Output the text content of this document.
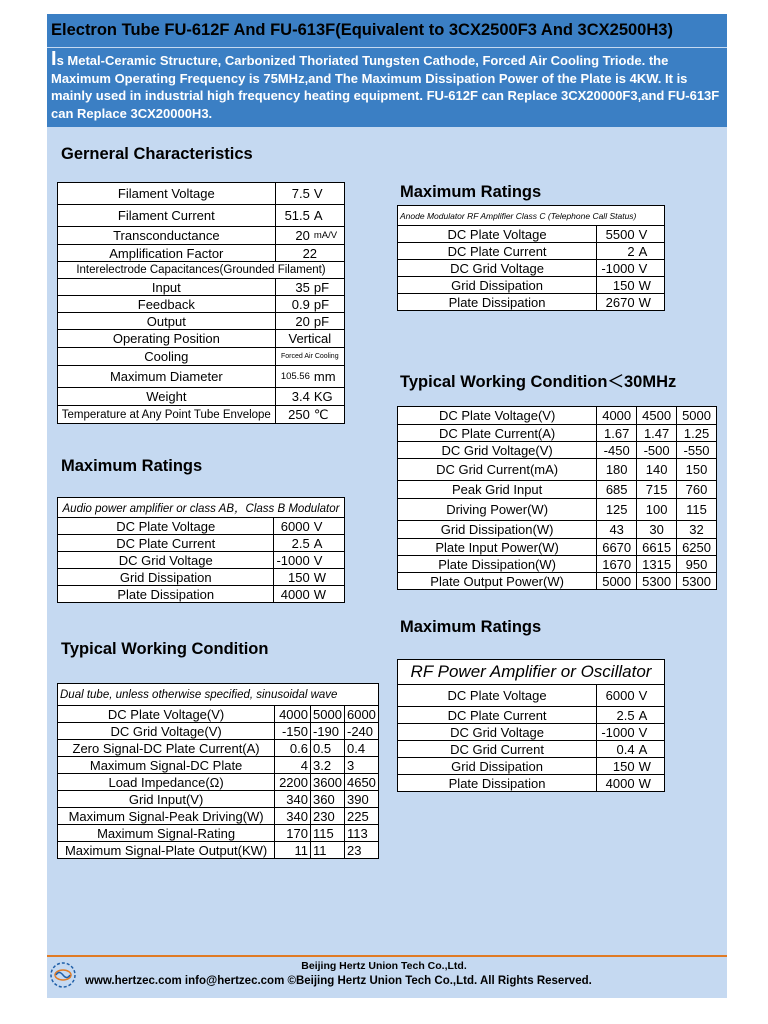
Electron Tube FU-612F And FU-613F(Equivalent to 3CX2500F3 And 3CX2500H3)
Is Metal-Ceramic Structure, Carbonized Thoriated Tungsten Cathode, Forced Air Cooling Triode. the Maximum Operating Frequency is 75MHz,and The Maximum Dissipation Power of the Plate is 4KW. It is mainly used in industrial high frequency heating equipment. FU-612F can Replace 3CX20000F3,and FU-613F can Replace 3CX20000H3.
Gerneral Characteristics
Filament Voltage	7.5	V
Filament Current	51.5	A
Transconductance	20	mA/V
Amplification Factor	22	
Interelectrode Capacitances(Grounded Filament)		
Input	35	pF
Feedback	0.9	pF
Output	20	pF
Operating Position	Vertical	
Cooling	Forced Air Cooling	
Maximum Diameter	105.56	mm
Weight	3.4	KG
Temperature at Any Point Tube Envelope	250	℃
Maximum Ratings
Audio power amplifier or class AB，Class B Modulator		
DC Plate Voltage	6000	V
DC Plate Current	2.5	A
DC Grid Voltage	-1000	V
Grid Dissipation	150	W
Plate Dissipation	4000	W
Typical Working Condition
Dual tube, unless otherwise specified, sinusoidal wave			
DC Plate Voltage(V)	4000	5000	6000
DC Grid Voltage(V)	-150	-190	-240
Zero Signal-DC Plate Current(A)	0.6	0.5	0.4
Maximum Signal-DC Plate	4	3.2	3
Load Impedance(Ω)	2200	3600	4650
Grid Input(V)	340	360	390
Maximum Signal-Peak Driving(W)	340	230	225
Maximum Signal-Rating	170	115	113
Maximum Signal-Plate Output(KW)	11	11	23
Maximum Ratings
Anode Modulator RF Amplifier Class C (Telephone Call Status)		
DC Plate Voltage	5500	V
DC Plate Current	2	A
DC Grid Voltage	-1000	V
Grid Dissipation	150	W
Plate Dissipation	2670	W
Typical Working Condition＜30MHz
DC Plate Voltage(V)	4000	4500	5000
DC Plate Current(A)	1.67	1.47	1.25
DC Grid Voltage(V)	-450	-500	-550
DC Grid Current(mA)	180	140	150
Peak Grid Input	685	715	760
Driving Power(W)	125	100	115
Grid Dissipation(W)	43	30	32
Plate Input Power(W)	6670	6615	6250
Plate Dissipation(W)	1670	1315	950
Plate Output Power(W)	5000	5300	5300
Maximum Ratings
RF Power Amplifier or Oscillator		
DC Plate Voltage	6000	V
DC Plate Current	2.5	A
DC Grid Voltage	-1000	V
DC Grid Current	0.4	A
Grid Dissipation	150	W
Plate Dissipation	4000	W
Beijing Hertz Union Tech Co.,Ltd.
www.hertzec.com info@hertzec.com ©Beijing Hertz Union Tech Co.,Ltd. All Rights Reserved.
